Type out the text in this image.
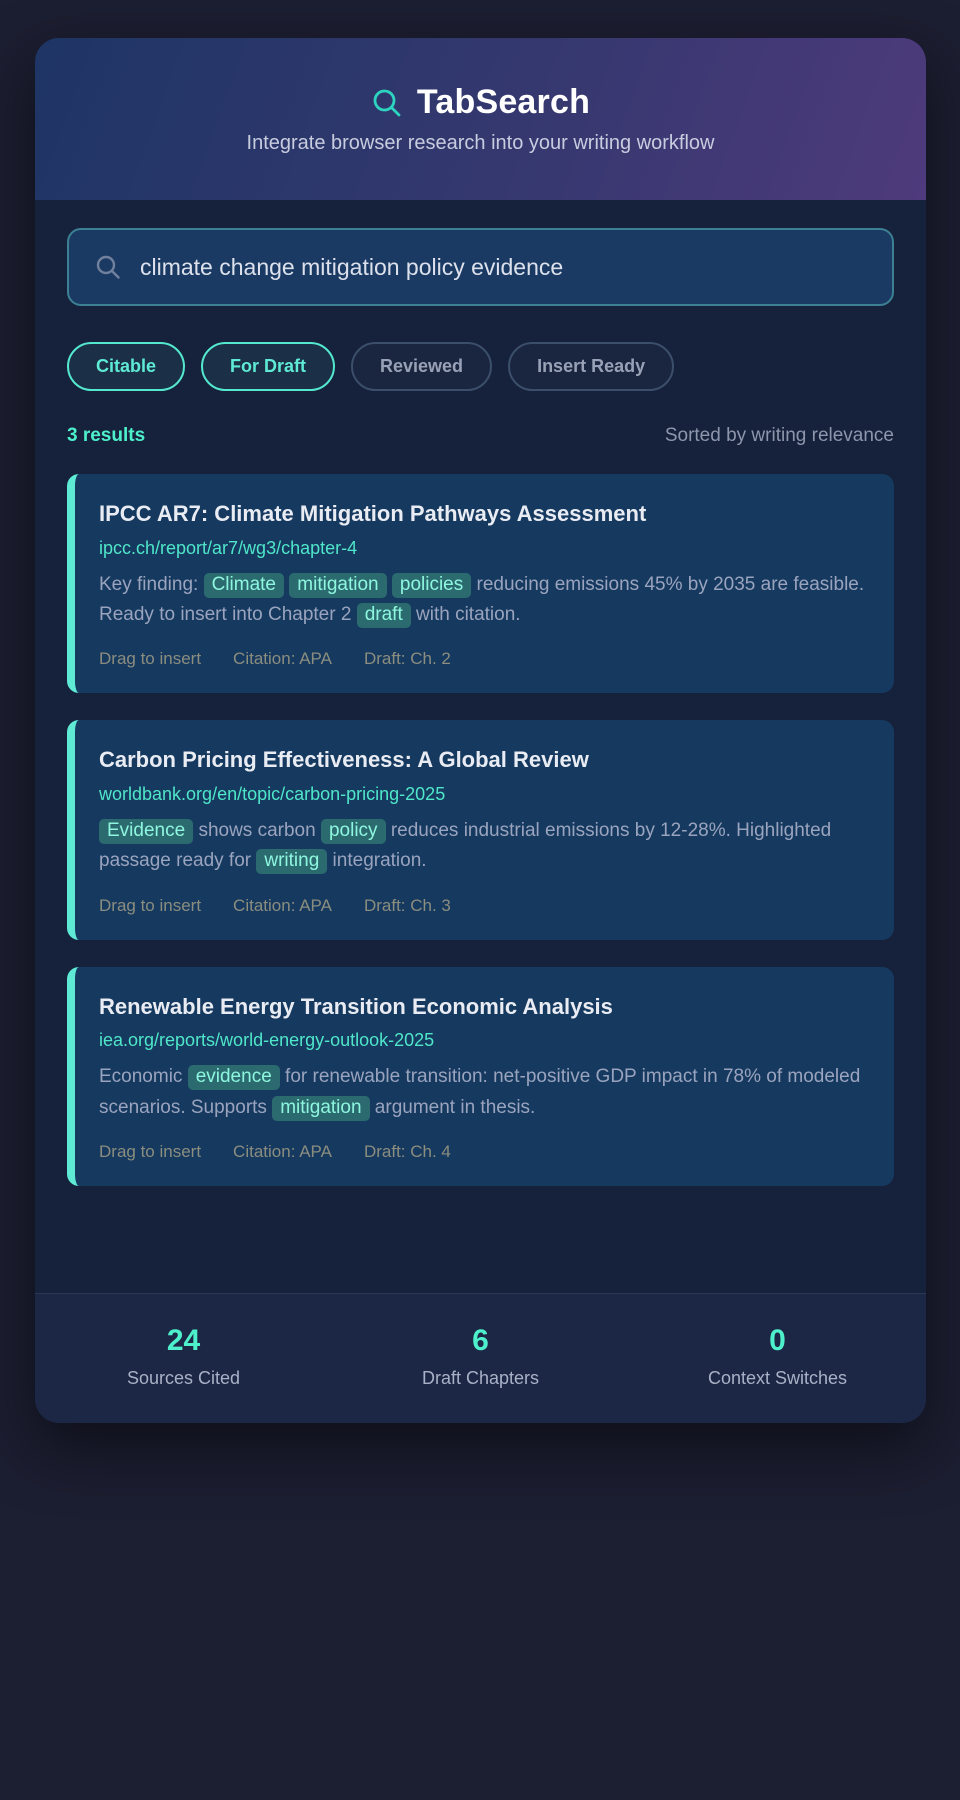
TabSearch
Integrate browser research into your writing workflow
climate change mitigation policy evidence
Citable	For Draft	Reviewed	Insert Ready
3 results	Sorted by writing relevance
IPCC AR7: Climate Mitigation Pathways Assessment
ipcc.ch/report/ar7/wg3/chapter-4
Key finding: Climate mitigation policies reducing emissions 45% by 2035 are feasible. Ready to insert into Chapter 2 draft with citation.
Drag to insert Citation: APA Draft: Ch. 2
Carbon Pricing Effectiveness: A Global Review
worldbank.org/en/topic/carbon-pricing-2025
Evidence shows carbon policy reduces industrial emissions by 12-28%. Highlighted passage ready for writing integration.
Drag to insert Citation: APA Draft: Ch. 3
Renewable Energy Transition Economic Analysis
iea.org/reports/world-energy-outlook-2025
Economic evidence for renewable transition: net-positive GDP impact in 78% of modeled scenarios. Supports mitigation argument in thesis.
Drag to insert Citation: APA Draft: Ch. 4
24
Sources Cited
6
Draft Chapters
0
Context Switches
